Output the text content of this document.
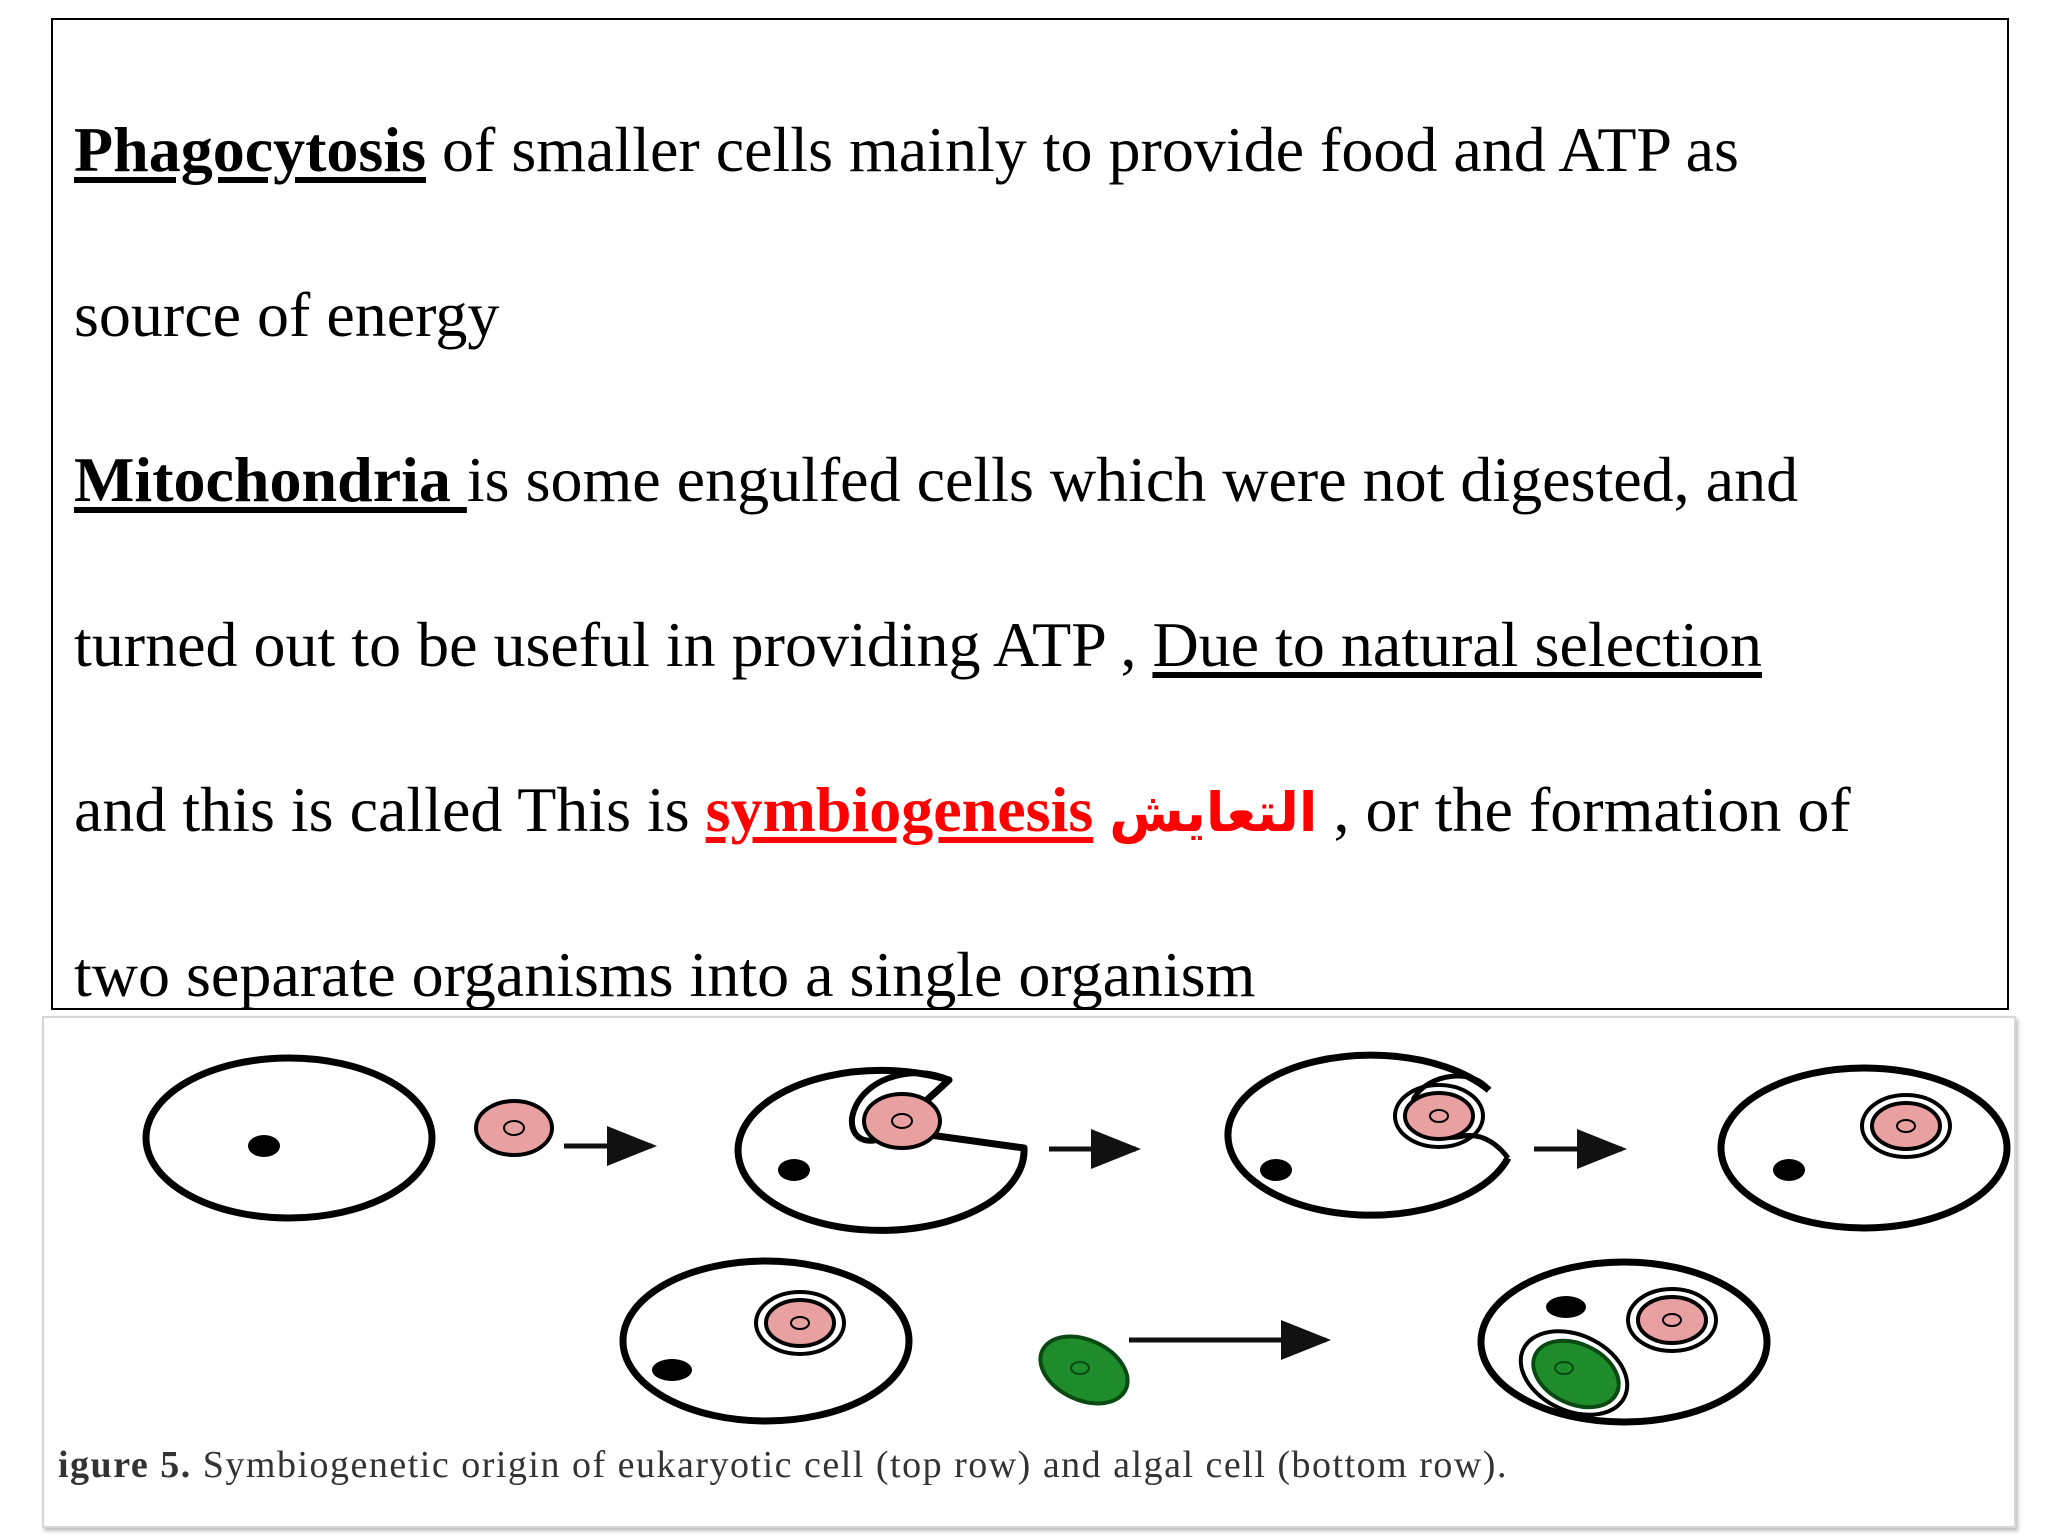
Phagocytosis of smaller cells mainly to provide food and ATP as
source of energy
Mitochondria is some engulfed cells which were not digested, and
turned out to be useful in providing ATP , Due to natural selection
and this is called This is symbiogenesis التعايش , or the formation of
two separate organisms into a single organism
igure 5. Symbiogenetic origin of eukaryotic cell (top row) and algal cell (bottom row).
